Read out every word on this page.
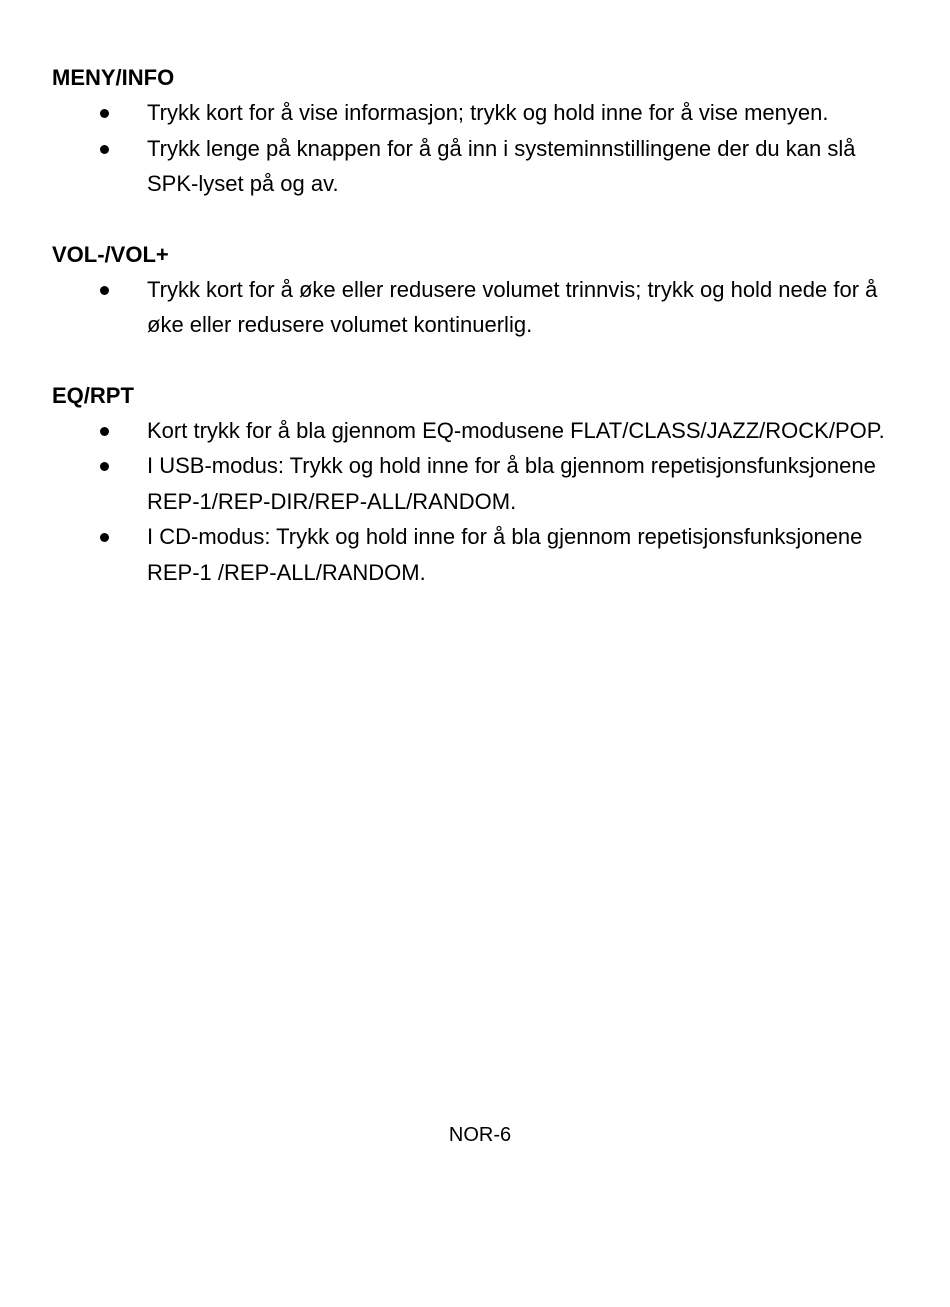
MENY/INFO
Trykk kort for å vise informasjon; trykk og hold inne for å vise menyen.
Trykk lenge på knappen for å gå inn i systeminnstillingene der du kan slå SPK-lyset på og av.
VOL-/VOL+
Trykk kort for å øke eller redusere volumet trinnvis; trykk og hold nede for å øke eller redusere volumet kontinuerlig.
EQ/RPT
Kort trykk for å bla gjennom EQ-modusene FLAT/CLASS/JAZZ/ROCK/POP.
I USB-modus: Trykk og hold inne for å bla gjennom repetisjonsfunksjonene REP-1/REP-DIR/REP-ALL/RANDOM.
I CD-modus: Trykk og hold inne for å bla gjennom repetisjonsfunksjonene REP-1 /REP-ALL/RANDOM.
NOR-6
